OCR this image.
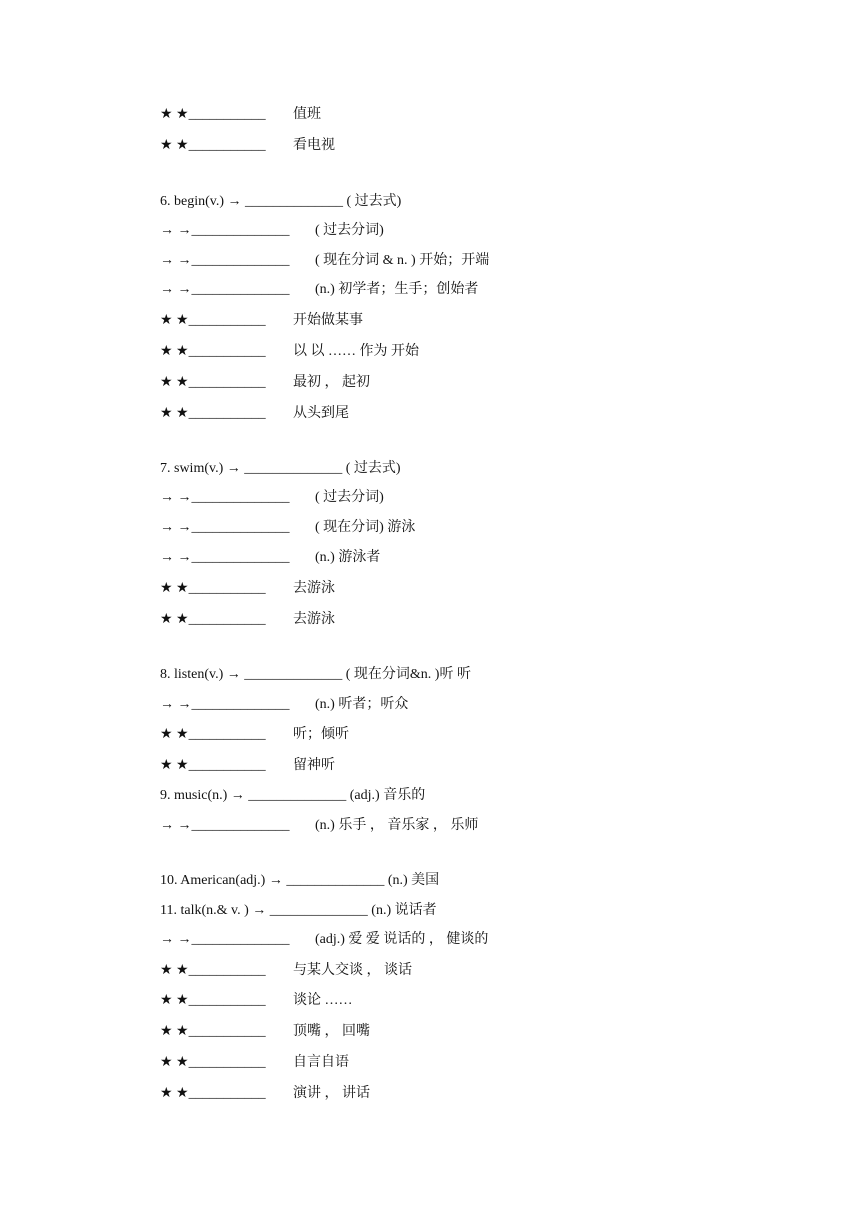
★ ★___________ 值班
★ ★___________ 看电视
6. begin(v.) → ______________ ( 过去式)
→ →______________ ( 过去分词)
→ →______________ ( 现在分词 & n. ) 开始；开端
→ →______________ (n.) 初学者；生手；创始者
★ ★___________ 开始做某事
★ ★___________ 以 以 …… 作为 开始
★ ★___________ 最初 ， 起初
★ ★___________ 从头到尾
7. swim(v.) → ______________ ( 过去式)
→ →______________ ( 过去分词)
→ →______________ ( 现在分词) 游泳
→ →______________ (n.) 游泳者
★ ★___________ 去游泳
★ ★___________ 去游泳
8. listen(v.) → ______________ ( 现在分词&n. )听 听
→ →______________ (n.) 听者；听众
★ ★___________ 听；倾听
★ ★___________ 留神听
9. music(n.) → ______________ (adj.) 音乐的
→ →______________ (n.) 乐手 ， 音乐家 ， 乐师
10. American(adj.) → ______________ (n.) 美国
11. talk(n.& v. ) → ______________ (n.) 说话者
→ →______________ (adj.) 爱 爱 说话的 ， 健谈的
★ ★___________ 与某人交谈 ， 谈话
★ ★___________ 谈论 ……
★ ★___________ 顶嘴 ， 回嘴
★ ★___________ 自言自语
★ ★___________ 演讲 ， 讲话
